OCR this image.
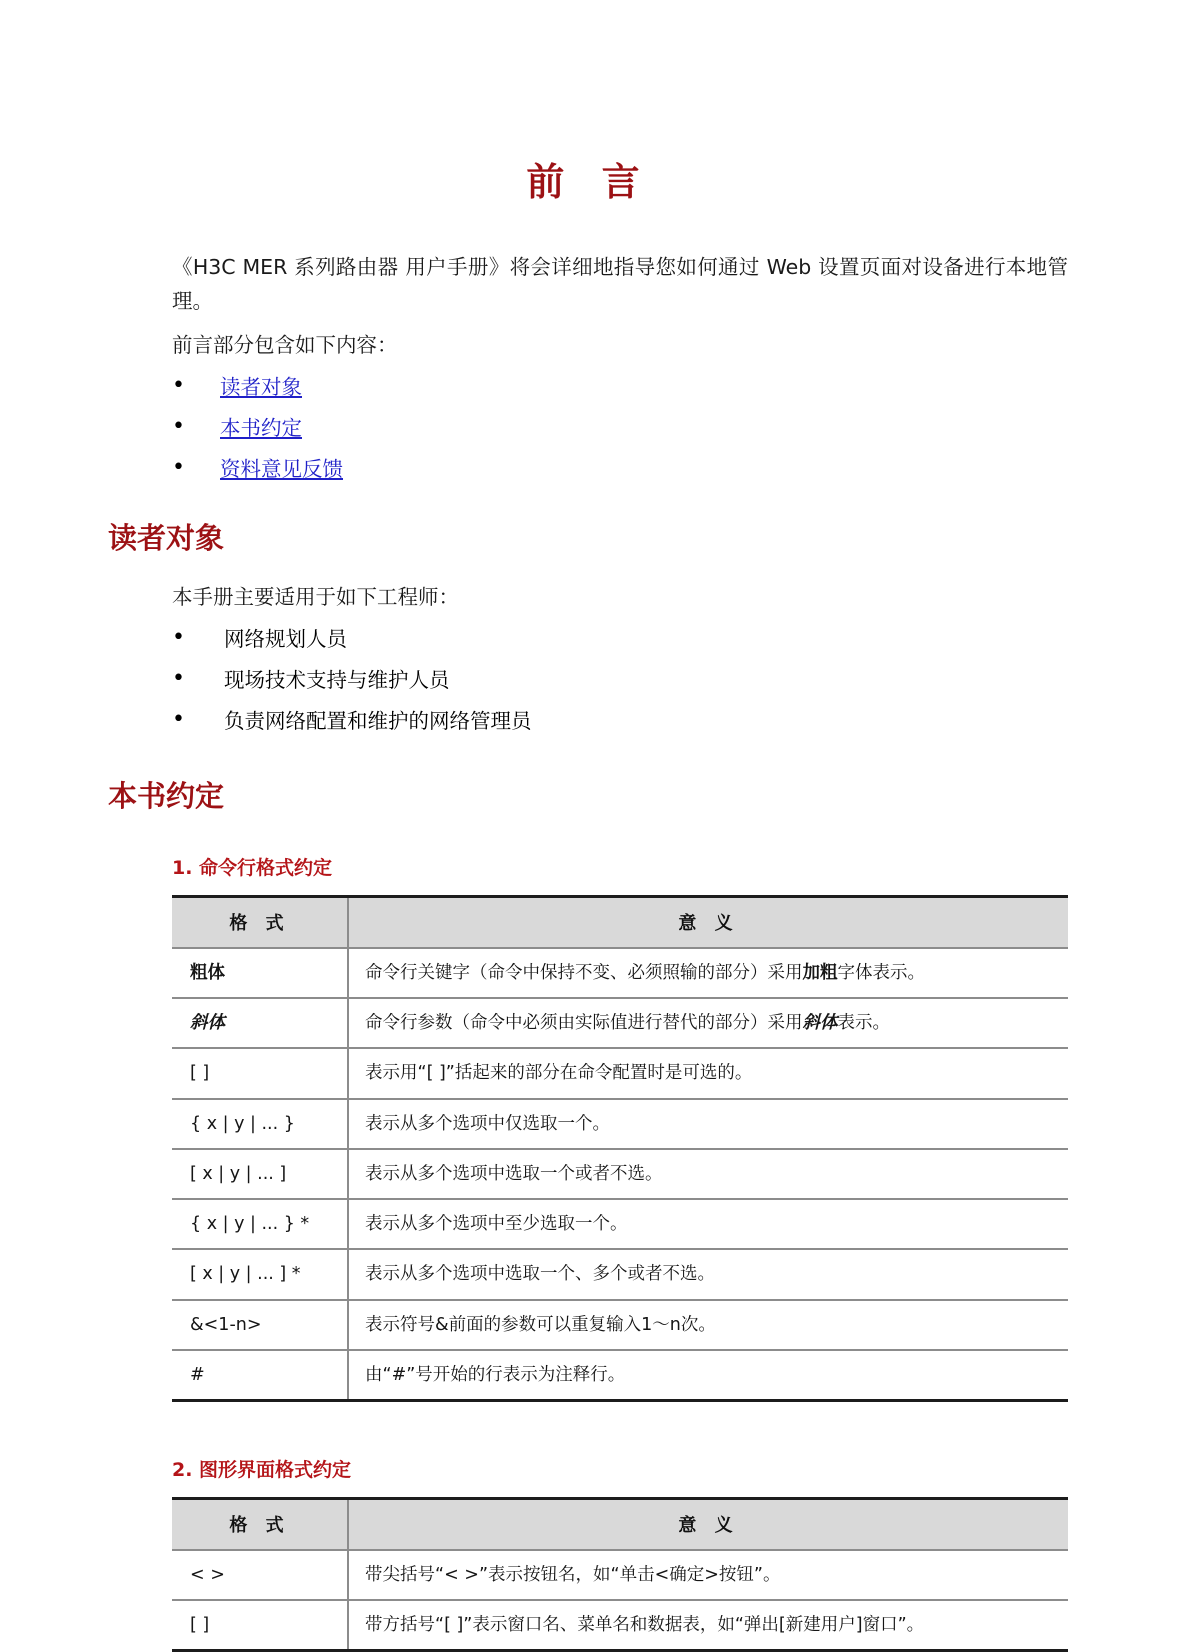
前 言

《H3C MER 系列路由器 用户手册》将会详细地指导您如何通过 Web 设置页面对设备进行本地管理。

前言部分包含如下内容：

• 读者对象
• 本书约定
• 资料意见反馈
读者对象

本手册主要适用于如下工程师：

• 网络规划人员
• 现场技术支持与维护人员
• 负责网络配置和维护的网络管理员
本书约定
1. 命令行格式约定
格 式	意 义
粗体	命令行关键字（命令中保持不变、必须照输的部分）采用加粗字体表示。
斜体	命令行参数（命令中必须由实际值进行替代的部分）采用斜体表示。
[ ]	表示用“[ ]”括起来的部分在命令配置时是可选的。
{ x | y | ... }	表示从多个选项中仅选取一个。
[ x | y | ... ]	表示从多个选项中选取一个或者不选。
{ x | y | ... } *	表示从多个选项中至少选取一个。
[ x | y | ... ] *	表示从多个选项中选取一个、多个或者不选。
&<1-n>	表示符号&前面的参数可以重复输入1～n次。
#	由“#”号开始的行表示为注释行。
2. 图形界面格式约定
格 式	意 义
< >	带尖括号“< >”表示按钮名，如“单击<确定>按钮”。
[ ]	带方括号“[ ]”表示窗口名、菜单名和数据表，如“弹出[新建用户]窗口”。
